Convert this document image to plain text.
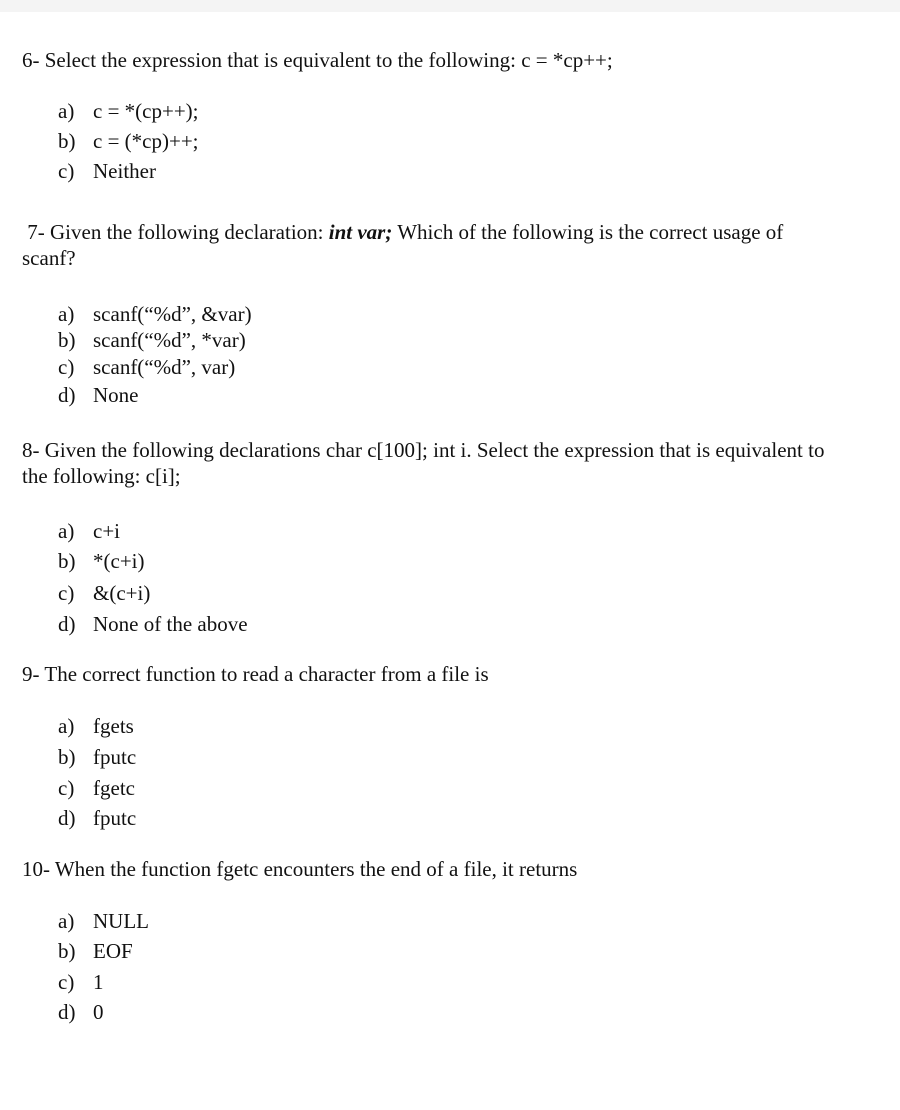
6- Select the expression that is equivalent to the following: c = *cp++;
a) c = *(cp++);
b) c = (*cp)++;
c) Neither
7- Given the following declaration: int var; Which of the following is the correct usage of
scanf?
a) scanf(“%d”, &var)
b) scanf(“%d”, *var)
c) scanf(“%d”, var)
d) None
8- Given the following declarations char c[100]; int i. Select the expression that is equivalent to
the following: c[i];
a) c+i
b) *(c+i)
c) &(c+i)
d) None of the above
9- The correct function to read a character from a file is
a) fgets
b) fputc
c) fgetc
d) fputc
10- When the function fgetc encounters the end of a file, it returns
a) NULL
b) EOF
c) 1
d) 0
